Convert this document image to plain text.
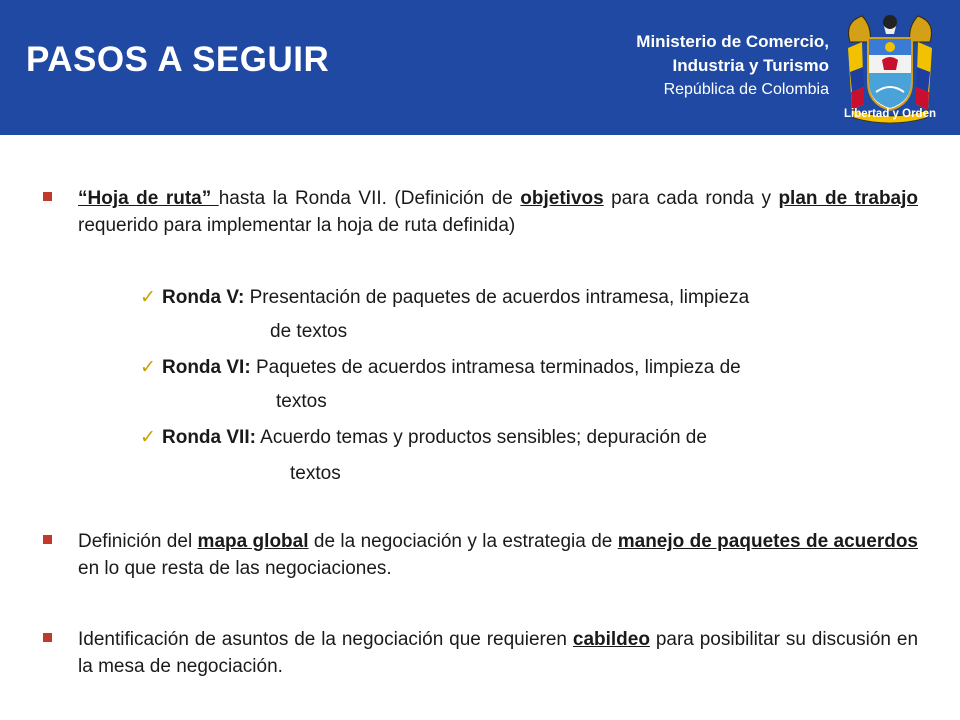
PASOS A SEGUIR	Ministerio de Comercio,
Industria y Turismo
República de Colombia
Libertad y Orden
“Hoja de ruta” hasta la Ronda VII. (Definición de objetivos para cada ronda y plan de trabajo requerido para implementar la hoja de ruta definida)
✓ Ronda V: Presentación de paquetes de acuerdos intramesa, limpieza
de textos
✓ Ronda VI: Paquetes de acuerdos intramesa terminados, limpieza de
textos
✓ Ronda VII: Acuerdo temas y productos sensibles; depuración de
textos
Definición del mapa global de la negociación y la estrategia de manejo de paquetes de acuerdos en lo que resta de las negociaciones.
Identificación de asuntos de la negociación que requieren cabildeo para posibilitar su discusión en la mesa de negociación.
